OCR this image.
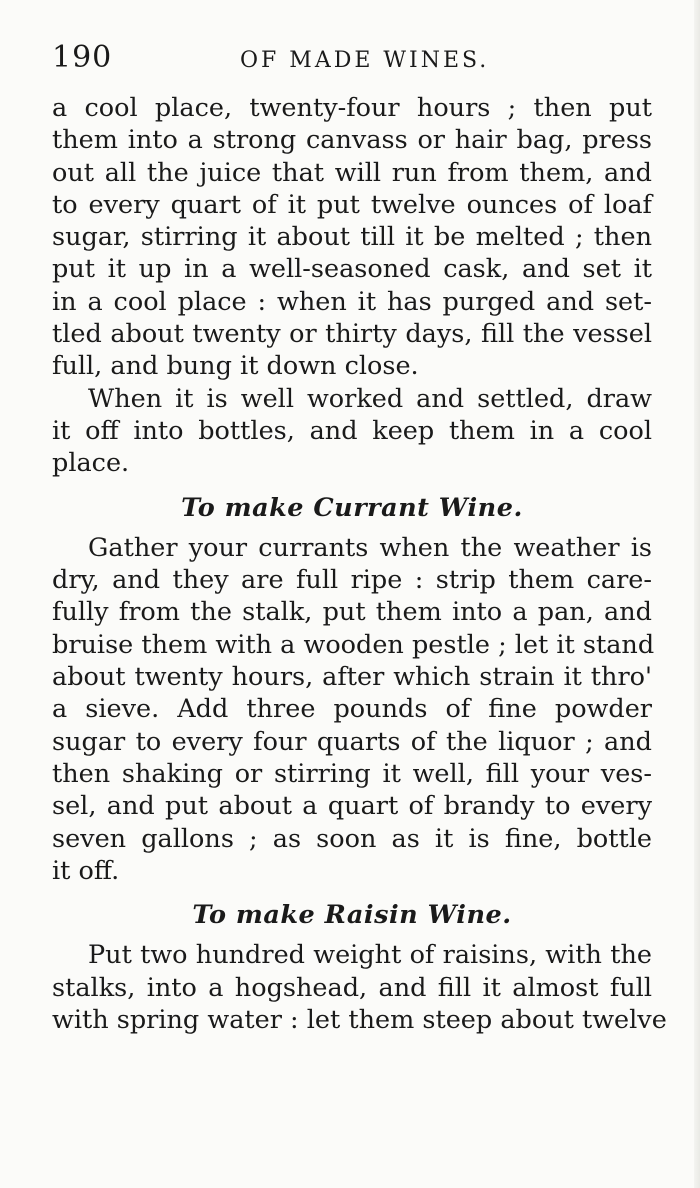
190	OF MADE WINES.

a cool place, twenty-four hours ; then put
them into a strong canvass or hair bag, press
out all the juice that will run from them, and
to every quart of it put twelve ounces of loaf
sugar, stirring it about till it be melted ; then
put it up in a well-seasoned cask, and set it
in a cool place : when it has purged and set-
tled about twenty or thirty days, fill the vessel
full, and bung it down close.

When it is well worked and settled, draw
it off into bottles, and keep them in a cool
place.

To make Currant Wine.

Gather your currants when the weather is
dry, and they are full ripe : strip them care-
fully from the stalk, put them into a pan, and
bruise them with a wooden pestle ; let it stand
about twenty hours, after which strain it thro'
a sieve. Add three pounds of fine powder
sugar to every four quarts of the liquor ; and
then shaking or stirring it well, fill your ves-
sel, and put about a quart of brandy to every
seven gallons ; as soon as it is fine, bottle
it off.

To make Raisin Wine.

Put two hundred weight of raisins, with the
stalks, into a hogshead, and fill it almost full
with spring water : let them steep about twelve
